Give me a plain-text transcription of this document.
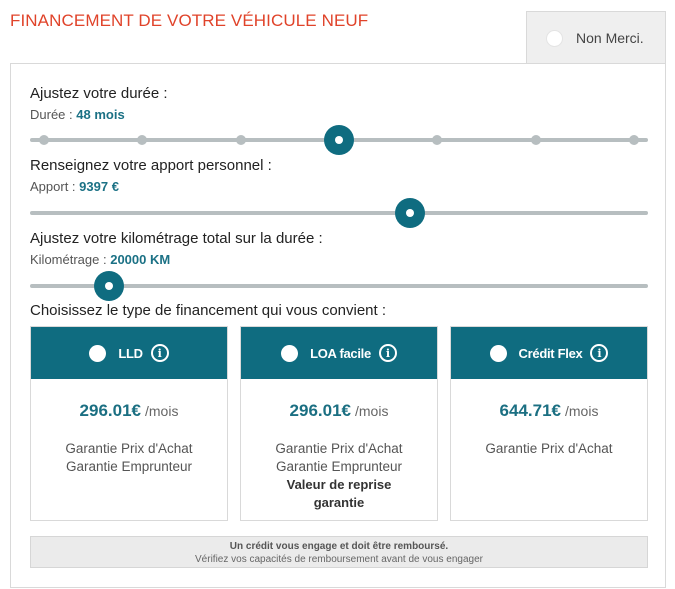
FINANCEMENT DE VOTRE VÉHICULE NEUF
Non Merci.
Ajustez votre durée :
Durée : 48 mois
Renseignez votre apport personnel :
Apport : 9397 €
Ajustez votre kilométrage total sur la durée :
Kilométrage : 20000 KM
Choisissez le type de financement qui vous convient :
LLD	i
296.01€ /mois
Garantie Prix d'Achat
Garantie Emprunteur
LOA facile	i
296.01€ /mois
Garantie Prix d'Achat
Garantie Emprunteur
Valeur de reprise
garantie
Crédit Flex	i
644.71€ /mois
Garantie Prix d'Achat
Un crédit vous engage et doit être remboursé.
Vérifiez vos capacités de remboursement avant de vous engager
